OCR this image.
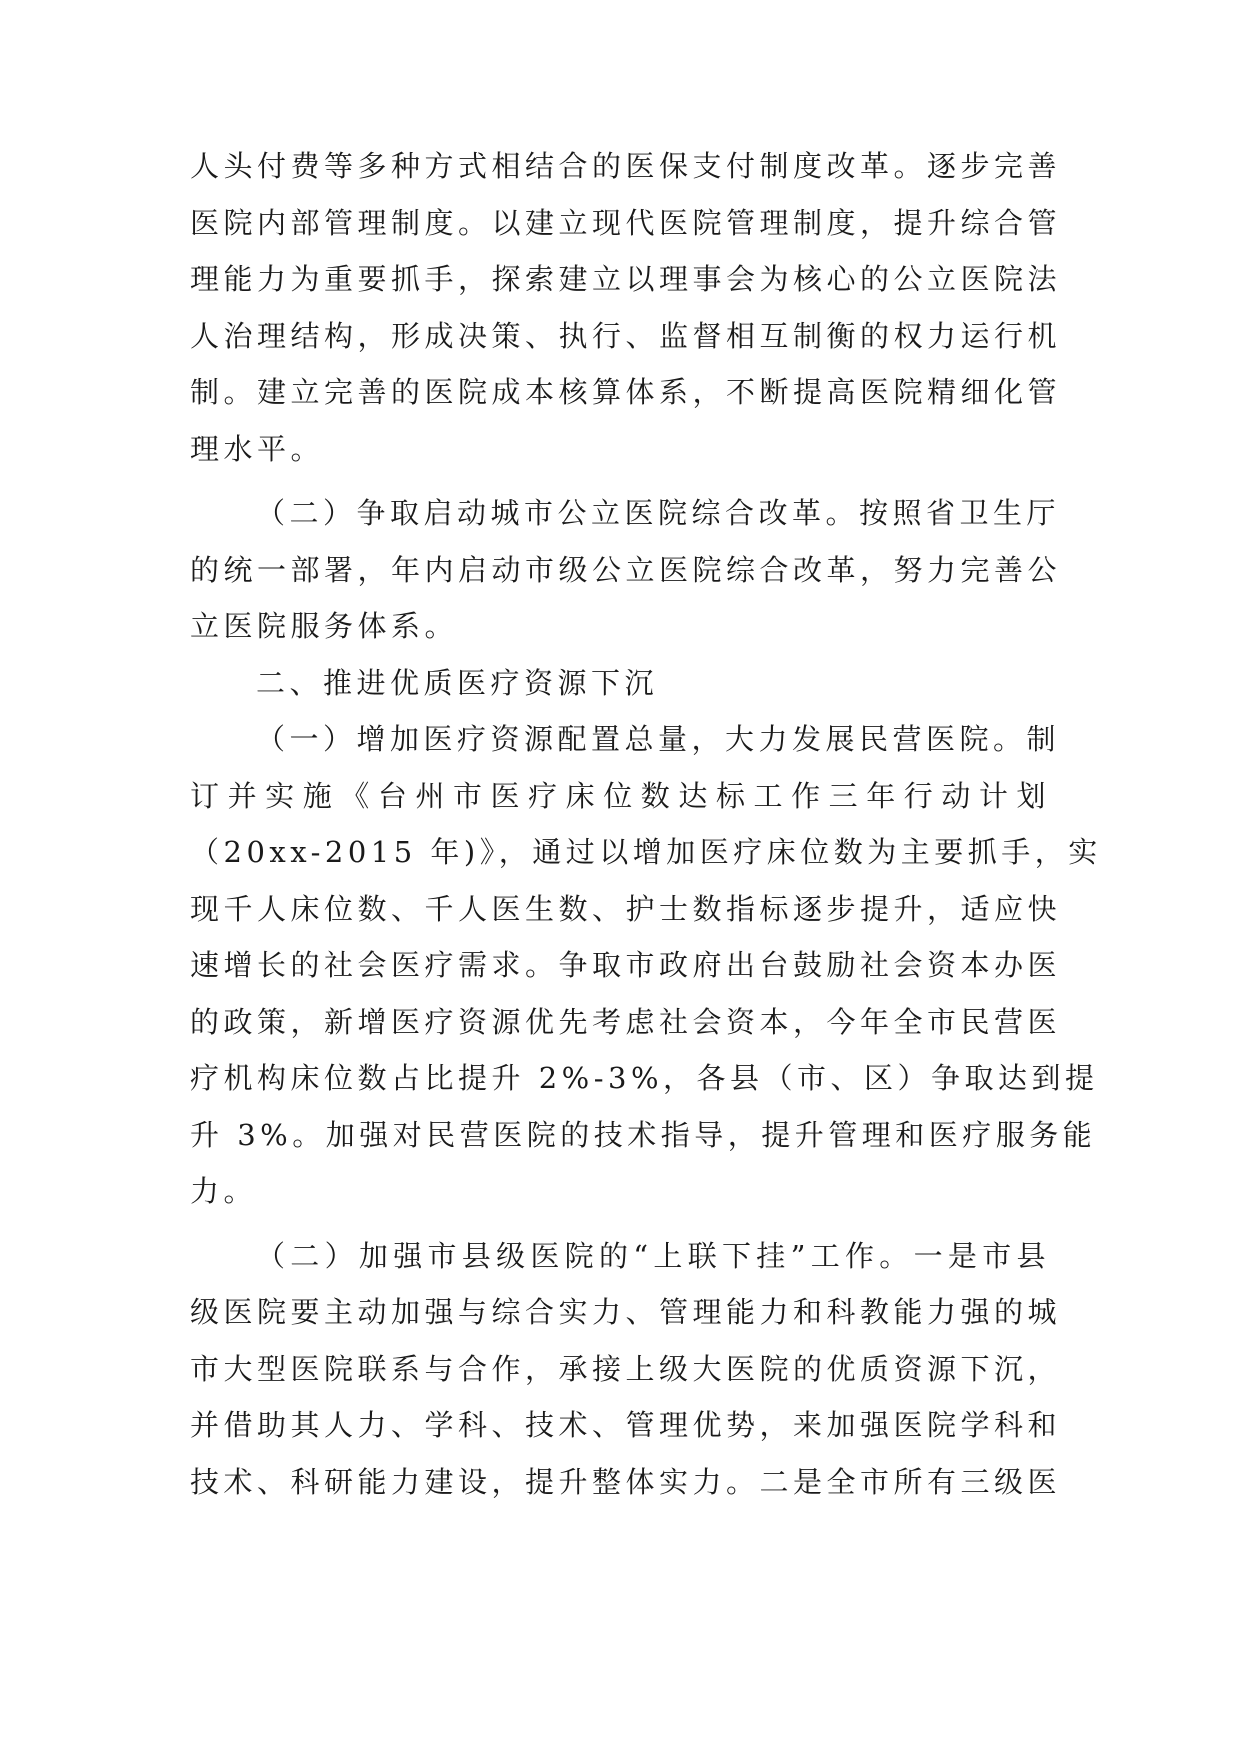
人头付费等多种方式相结合的医保支付制度改革。逐步完善
医院内部管理制度。以建立现代医院管理制度，提升综合管
理能力为重要抓手，探索建立以理事会为核心的公立医院法
人治理结构，形成决策、执行、监督相互制衡的权力运行机
制。建立完善的医院成本核算体系，不断提高医院精细化管
理水平。
（二）争取启动城市公立医院综合改革。按照省卫生厅
的统一部署，年内启动市级公立医院综合改革，努力完善公
立医院服务体系。
二、推进优质医疗资源下沉
（一）增加医疗资源配置总量，大力发展民营医院。制
订并实施《台州市医疗床位数达标工作三年行动计划
（20xx-2015 年)》，通过以增加医疗床位数为主要抓手，实
现千人床位数、千人医生数、护士数指标逐步提升，适应快
速增长的社会医疗需求。争取市政府出台鼓励社会资本办医
的政策，新增医疗资源优先考虑社会资本，今年全市民营医
疗机构床位数占比提升 2%-3%，各县（市、区）争取达到提
升 3%。加强对民营医院的技术指导，提升管理和医疗服务能
力。
（二）加强市县级医院的“上联下挂”工作。一是市县
级医院要主动加强与综合实力、管理能力和科教能力强的城
市大型医院联系与合作，承接上级大医院的优质资源下沉，
并借助其人力、学科、技术、管理优势，来加强医院学科和
技术、科研能力建设，提升整体实力。二是全市所有三级医
